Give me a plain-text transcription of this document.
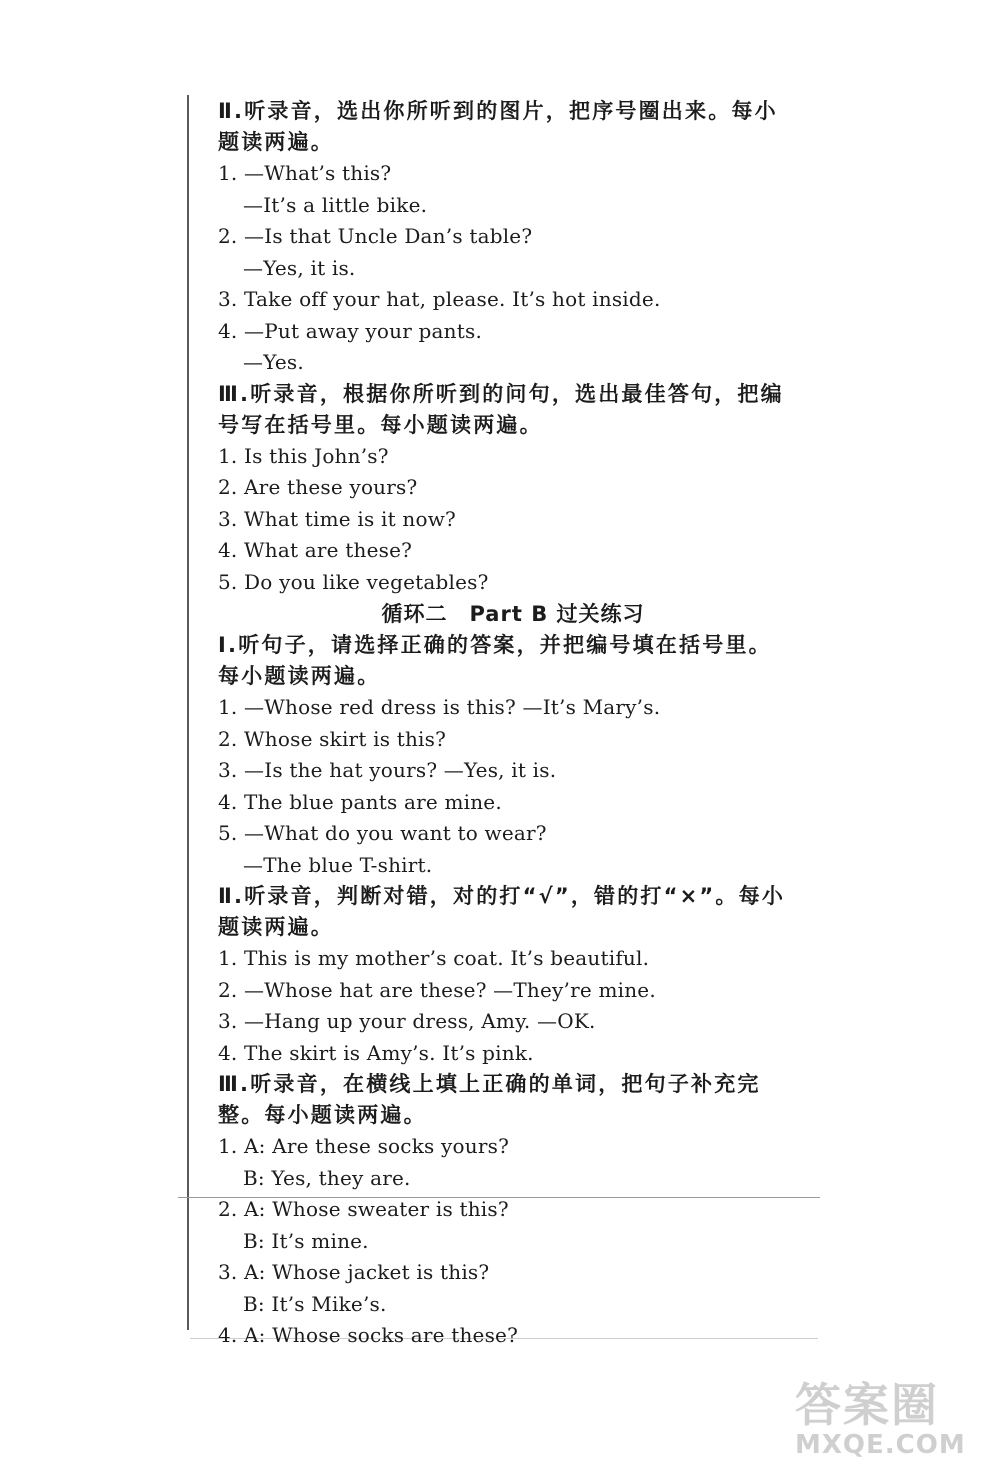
Ⅱ.听录音，选出你所听到的图片，把序号圈出来。每小

题读两遍。

1. —What’s this?
—It’s a little bike.
2. —Is that Uncle Dan’s table?
—Yes, it is.
3. Take off your hat, please. It’s hot inside.
4. —Put away your pants.
—Yes.

Ⅲ.听录音，根据你所听到的问句，选出最佳答句，把编

号写在括号里。每小题读两遍。

1. Is this John’s?
2. Are these yours?
3. What time is it now?
4. What are these?
5. Do you like vegetables?
循环二　Part B 过关练习

Ⅰ.听句子，请选择正确的答案，并把编号填在括号里。

每小题读两遍。

1. —Whose red dress is this? —It’s Mary’s.
2. Whose skirt is this?
3. —Is the hat yours? —Yes, it is.
4. The blue pants are mine.
5. —What do you want to wear?
—The blue T-shirt.

Ⅱ.听录音，判断对错，对的打“√”，错的打“×”。每小

题读两遍。

1. This is my mother’s coat. It’s beautiful.
2. —Whose hat are these? —They’re mine.
3. —Hang up your dress, Amy. —OK.
4. The skirt is Amy’s. It’s pink.

Ⅲ.听录音，在横线上填上正确的单词，把句子补充完

整。每小题读两遍。

1. A: Are these socks yours?
B: Yes, they are.
2. A: Whose sweater is this?
B: It’s mine.
3. A: Whose jacket is this?
B: It’s Mike’s.
4. A: Whose socks are these?
答案圈
MXQE.COM
